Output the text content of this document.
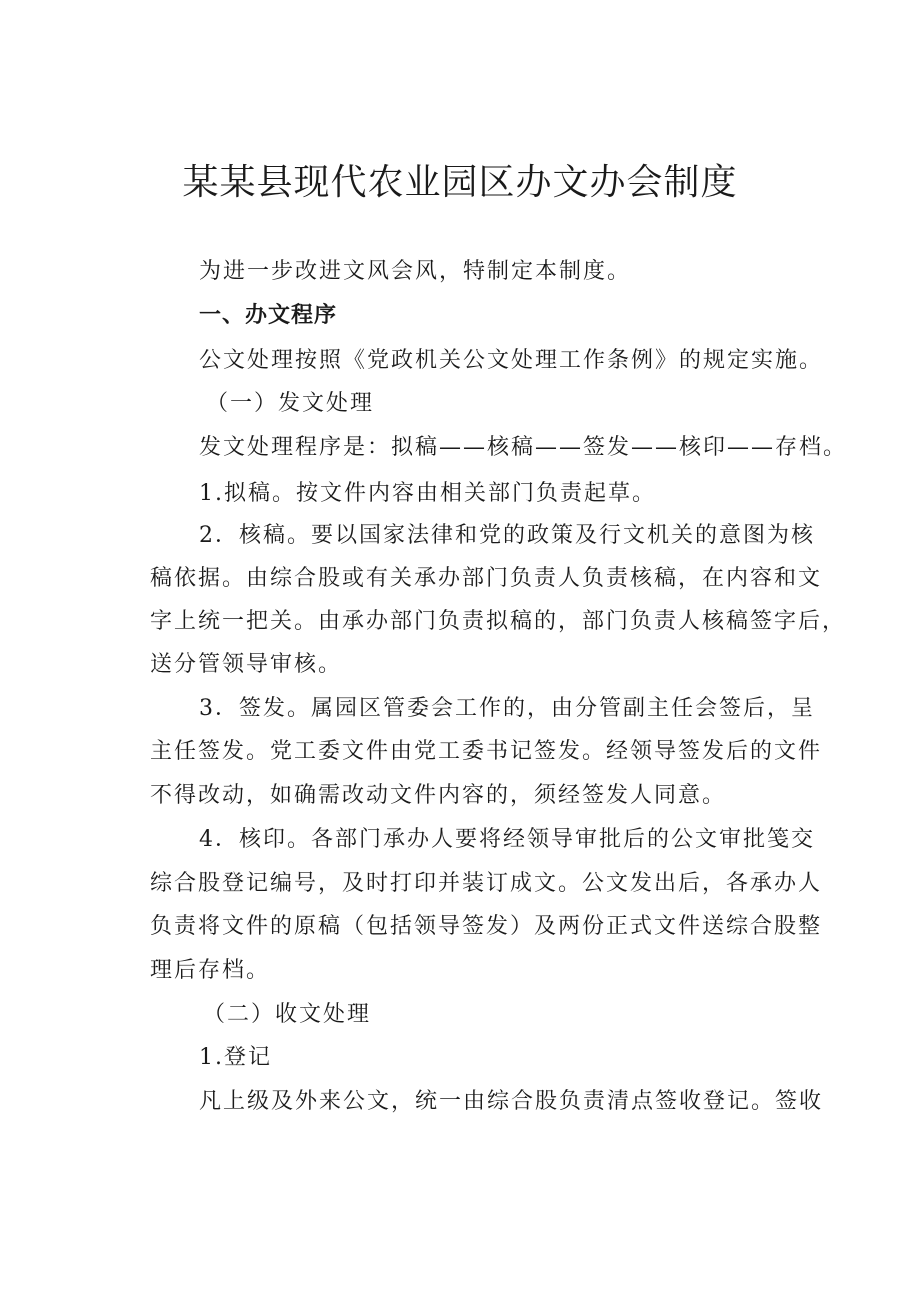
某某县现代农业园区办文办会制度
为进一步改进文风会风，特制定本制度。
一、办文程序
公文处理按照《党政机关公文处理工作条例》的规定实施。
（一）发文处理
发文处理程序是：拟稿——核稿——签发——核印——存档。
1.拟稿。按文件内容由相关部门负责起草。
2．核稿。要以国家法律和党的政策及行文机关的意图为核
稿依据。由综合股或有关承办部门负责人负责核稿，在内容和文
字上统一把关。由承办部门负责拟稿的，部门负责人核稿签字后，
送分管领导审核。
3．签发。属园区管委会工作的，由分管副主任会签后，呈
主任签发。党工委文件由党工委书记签发。经领导签发后的文件
不得改动，如确需改动文件内容的，须经签发人同意。
4．核印。各部门承办人要将经领导审批后的公文审批笺交
综合股登记编号，及时打印并装订成文。公文发出后，各承办人
负责将文件的原稿（包括领导签发）及两份正式文件送综合股整
理后存档。
（二）收文处理
1.登记
凡上级及外来公文，统一由综合股负责清点签收登记。签收
